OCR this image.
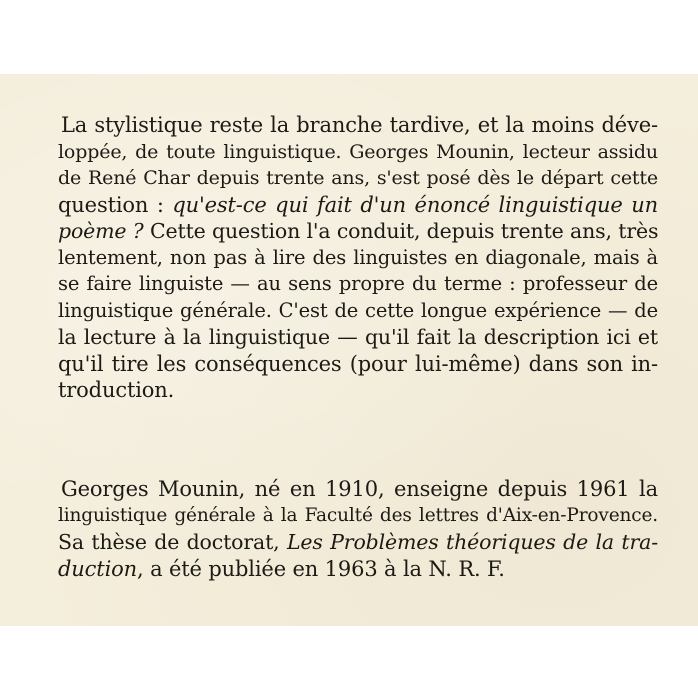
La stylistique reste la branche tardive, et la moins déve-
loppée, de toute linguistique. Georges Mounin, lecteur assidu
de René Char depuis trente ans, s'est posé dès le départ cette
question : qu'est-ce qui fait d'un énoncé linguistique un
poème ? Cette question l'a conduit, depuis trente ans, très
lentement, non pas à lire des linguistes en diagonale, mais à
se faire linguiste — au sens propre du terme : professeur de
linguistique générale. C'est de cette longue expérience — de
la lecture à la linguistique — qu'il fait la description ici et
qu'il tire les conséquences (pour lui-même) dans son in-
troduction.
Georges Mounin, né en 1910, enseigne depuis 1961 la
linguistique générale à la Faculté des lettres d'Aix-en-Provence.
Sa thèse de doctorat, Les Problèmes théoriques de la tra-
duction, a été publiée en 1963 à la N. R. F.
